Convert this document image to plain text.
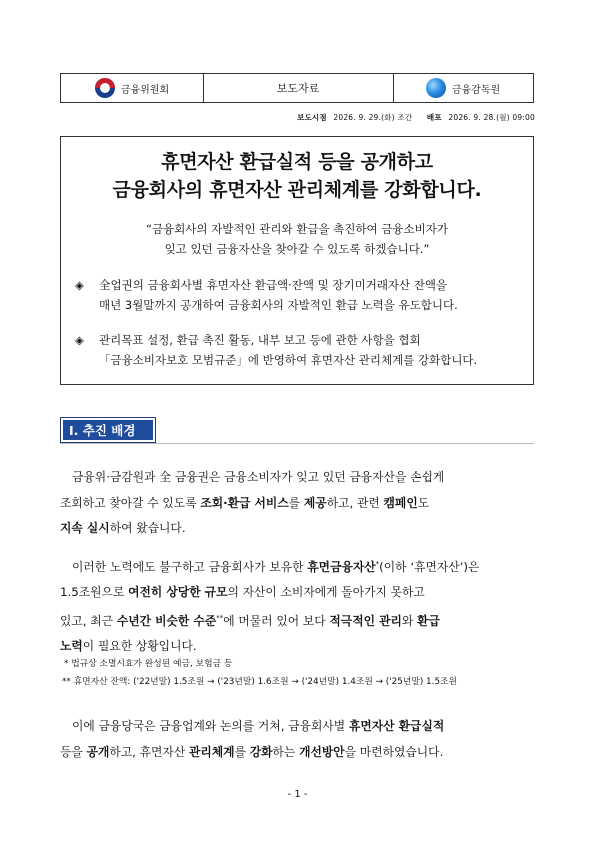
금융위원회	보도자료	금융감독원
보도시점 2026. 9. 29.(화) 조간 배포 2026. 9. 28.(월) 09:00
휴면자산 환급실적 등을 공개하고
금융회사의 휴면자산 관리체계를 강화합니다.
“금융회사의 자발적인 관리와 환급을 촉진하여 금융소비자가
잊고 있던 금융자산을 찾아갈 수 있도록 하겠습니다.”
◈	全업권의 금융회사별 휴면자산 환급액·잔액 및 장기미거래자산 잔액을
매년 3월말까지 공개하여 금융회사의 자발적인 환급 노력을 유도합니다.
◈	관리목표 설정, 환급 촉진 활동, 내부 보고 등에 관한 사항을 협회
「금융소비자보호 모범규준」에 반영하여 휴면자산 관리체계를 강화합니다.
Ⅰ. 추진 배경
금융위·금감원과 全 금융권은 금융소비자가 잊고 있던 금융자산을 손쉽게
조회하고 찾아갈 수 있도록 조회·환급 서비스를 제공하고, 관련 캠페인도
지속 실시하여 왔습니다.
이러한 노력에도 불구하고 금융회사가 보유한 휴면금융자산*(이하 ‘휴면자산’)은
1.5조원으로 여전히 상당한 규모의 자산이 소비자에게 돌아가지 못하고
있고, 최근 수년간 비슷한 수준**에 머물러 있어 보다 적극적인 관리와 환급
노력이 필요한 상황입니다.
* 법규상 소멸시효가 완성된 예금, 보험금 등
** 휴면자산 잔액: ('22년말) 1.5조원 → ('23년말) 1.6조원 → ('24년말) 1.4조원 → ('25년말) 1.5조원
이에 금융당국은 금융업계와 논의를 거쳐, 금융회사별 휴면자산 환급실적
등을 공개하고, 휴면자산 관리체계를 강화하는 개선방안을 마련하였습니다.
- 1 -
